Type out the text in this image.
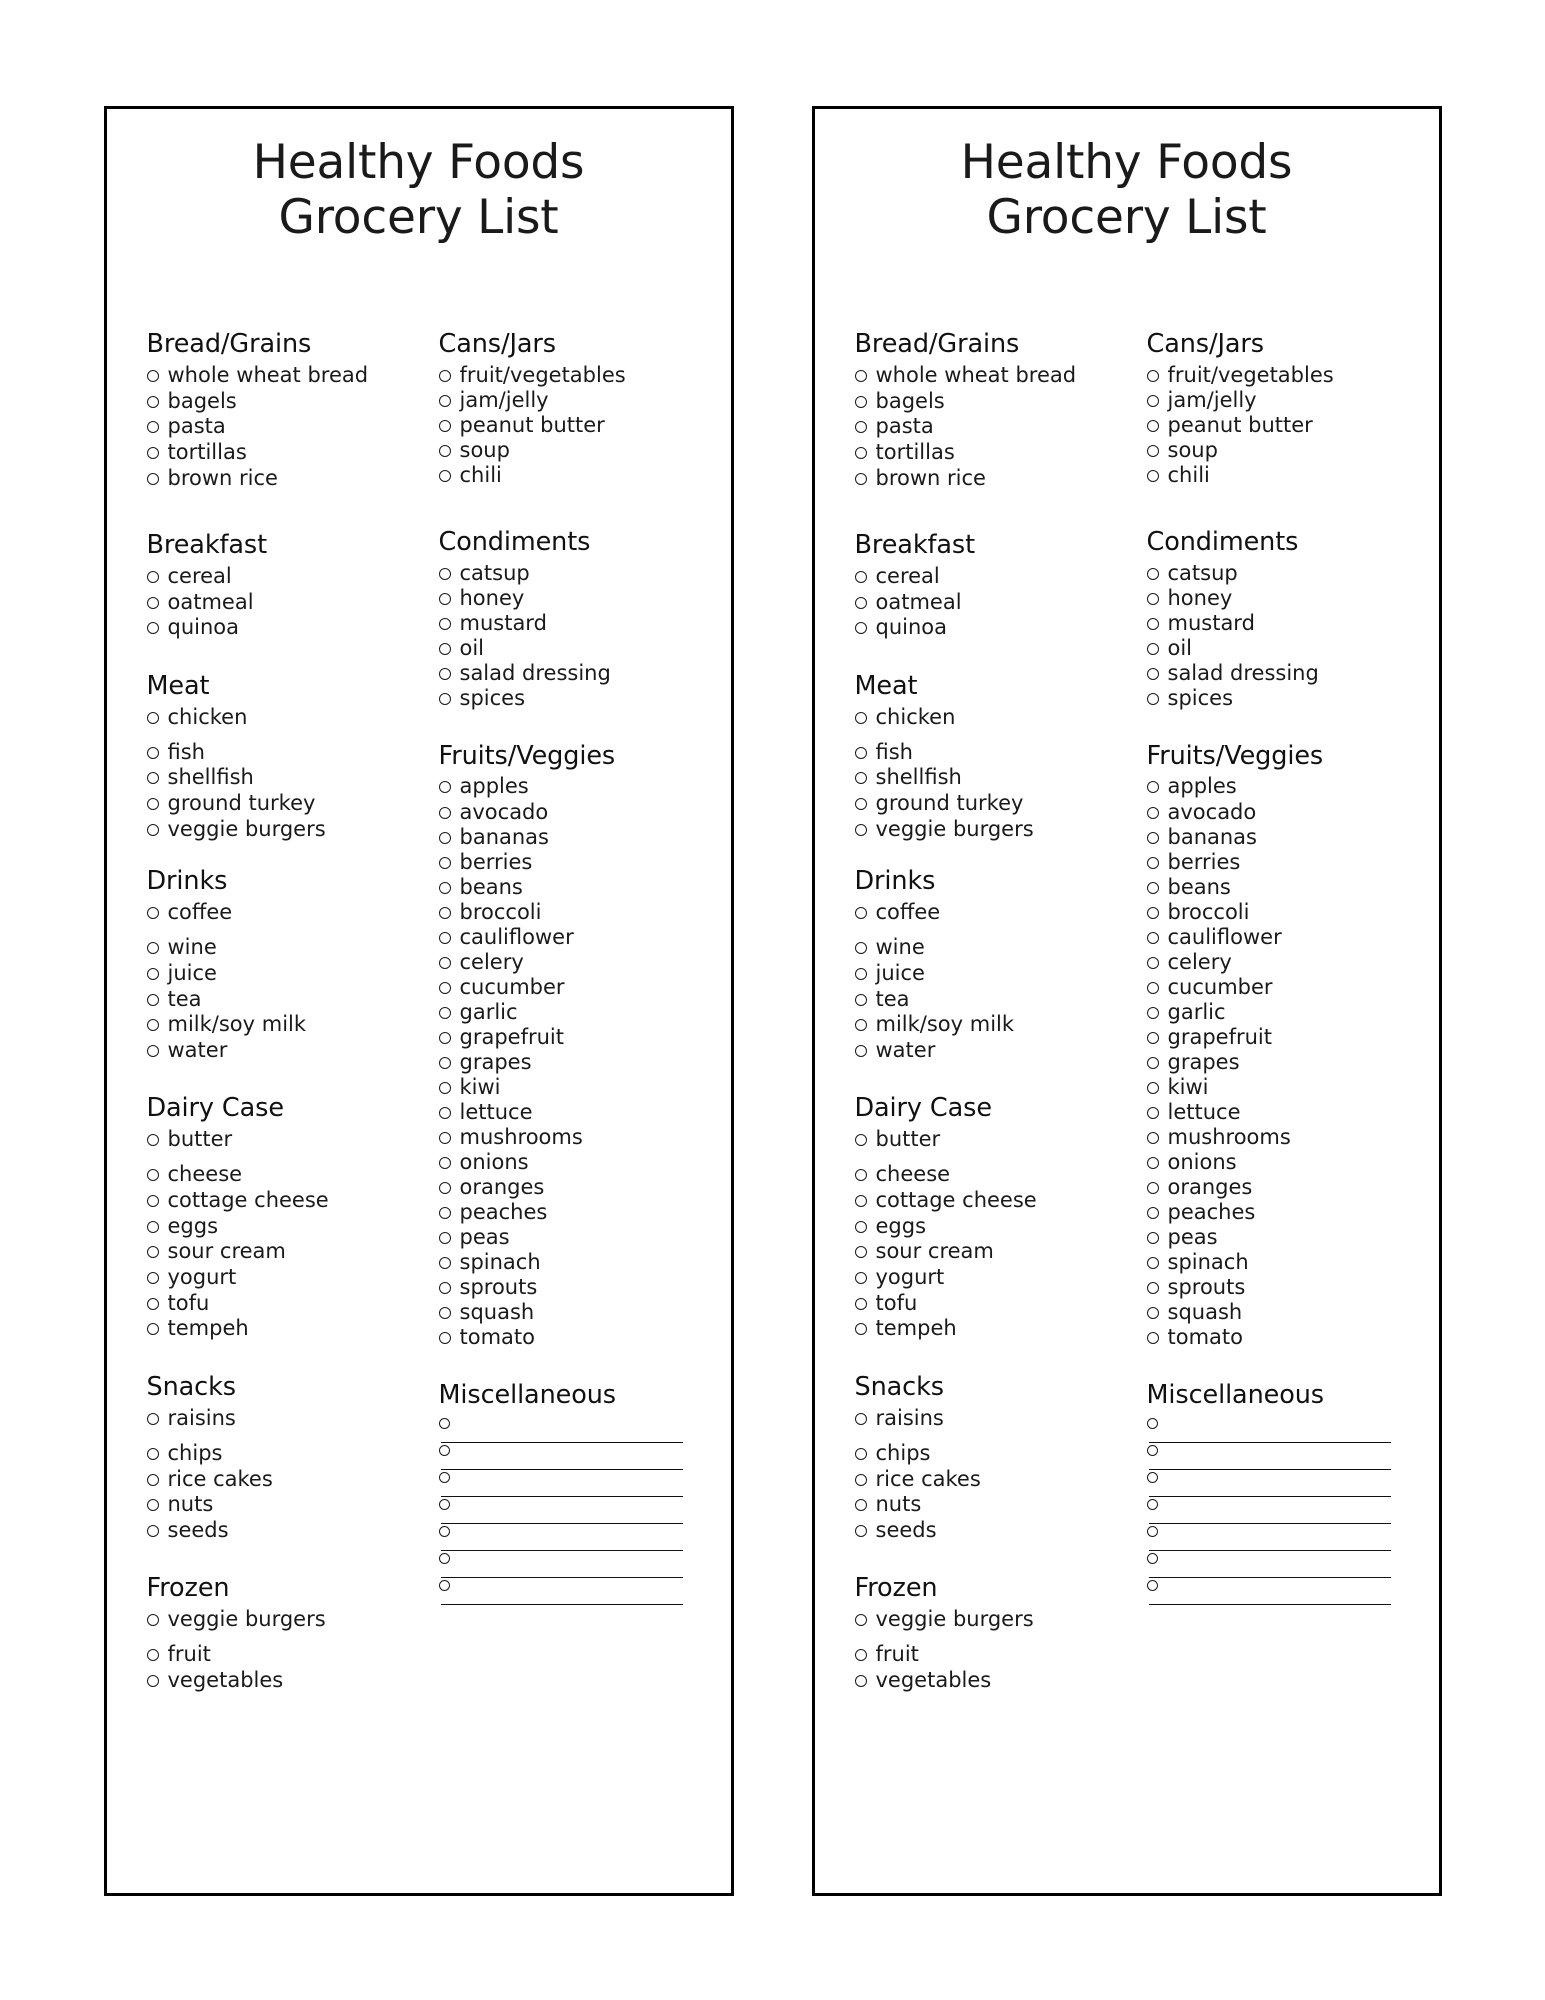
Healthy Foods
Grocery List
Bread/Grains
whole wheat bread
bagels
pasta
tortillas
brown rice
Breakfast
cereal
oatmeal
quinoa
Meat
chicken
fish
shellfish
ground turkey
veggie burgers
Drinks
coffee
wine
juice
tea
milk/soy milk
water
Dairy Case
butter
cheese
cottage cheese
eggs
sour cream
yogurt
tofu
tempeh
Snacks
raisins
chips
rice cakes
nuts
seeds
Frozen
veggie burgers
fruit
vegetables
Cans/Jars
fruit/vegetables
jam/jelly
peanut butter
soup
chili
Condiments
catsup
honey
mustard
oil
salad dressing
spices
Fruits/Veggies
apples
avocado
bananas
berries
beans
broccoli
cauliflower
celery
cucumber
garlic
grapefruit
grapes
kiwi
lettuce
mushrooms
onions
oranges
peaches
peas
spinach
sprouts
squash
tomato
Miscellaneous
Healthy Foods
Grocery List
Bread/Grains
whole wheat bread
bagels
pasta
tortillas
brown rice
Breakfast
cereal
oatmeal
quinoa
Meat
chicken
fish
shellfish
ground turkey
veggie burgers
Drinks
coffee
wine
juice
tea
milk/soy milk
water
Dairy Case
butter
cheese
cottage cheese
eggs
sour cream
yogurt
tofu
tempeh
Snacks
raisins
chips
rice cakes
nuts
seeds
Frozen
veggie burgers
fruit
vegetables
Cans/Jars
fruit/vegetables
jam/jelly
peanut butter
soup
chili
Condiments
catsup
honey
mustard
oil
salad dressing
spices
Fruits/Veggies
apples
avocado
bananas
berries
beans
broccoli
cauliflower
celery
cucumber
garlic
grapefruit
grapes
kiwi
lettuce
mushrooms
onions
oranges
peaches
peas
spinach
sprouts
squash
tomato
Miscellaneous
